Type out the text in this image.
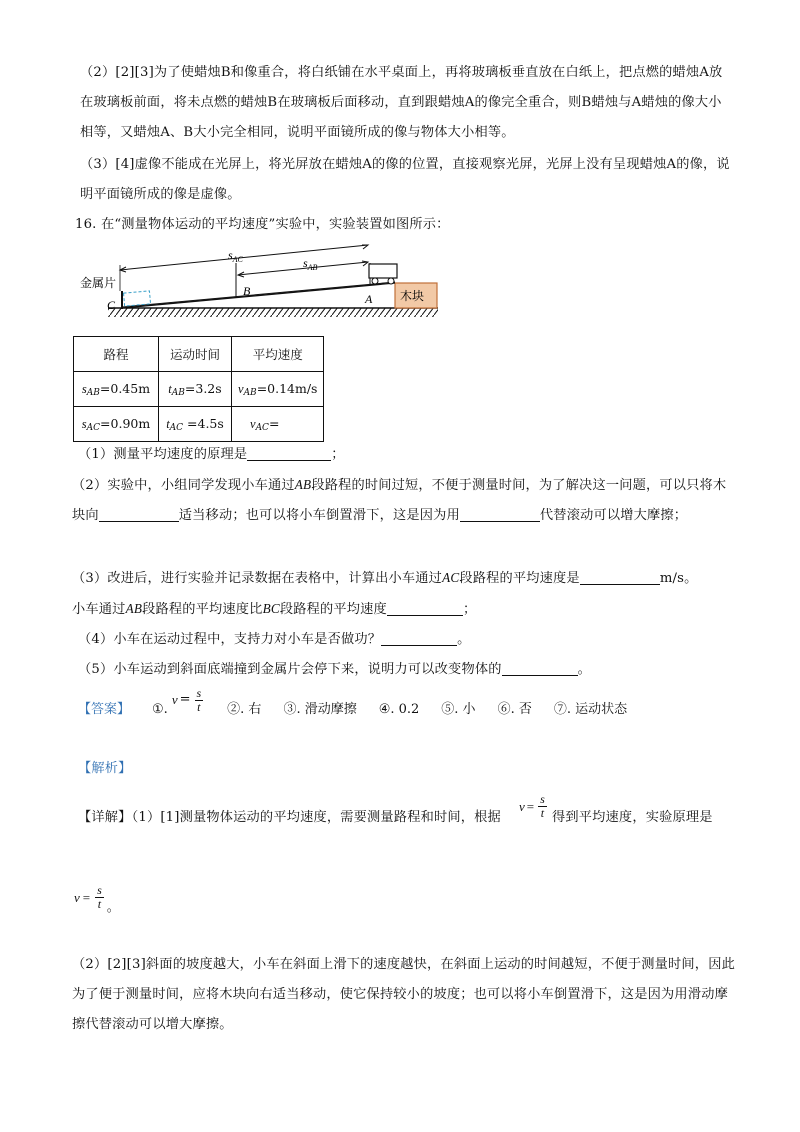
（2）[2][3]为了使蜡烛B和像重合，将白纸铺在水平桌面上，再将玻璃板垂直放在白纸上，把点燃的蜡烛A放在玻璃板前面，将未点燃的蜡烛B在玻璃板后面移动，直到跟蜡烛A的像完全重合，则B蜡烛与A蜡烛的像大小相等，又蜡烛A、B大小完全相同，说明平面镜所成的像与物体大小相等。
（3）[4]虚像不能成在光屏上，将光屏放在蜡烛A的像的位置，直接观察光屏，光屏上没有呈现蜡烛A的像，说明平面镜所成的像是虚像。
16. 在“测量物体运动的平均速度”实验中，实验装置如图所示：
木块
金属片
C
B
A
$s_{AC}$	$s_{AB}$
路程	运动时间	平均速度
$s_{AB}=0.45m$	$t_{AB}=3.2s$	$v_{AB}=0.14m/s$
$s_{AC}=0.90m$	$t_{AC} =4.5s$	$v_{AC}=$
（1）测量平均速度的原理是	；
（2）实验中，小组同学发现小车通过AB段路程的时间过短，不便于测量时间，为了解决这一问题，可以只将木块向	适当移动；也可以将小车倒置滑下，这是因为用	代替滚动可以增大摩擦；
（3）改进后，进行实验并记录数据在表格中，计算出小车通过AC段路程的平均速度是	m/s。
小车通过AB段路程的平均速度比BC段路程的平均速度	；
（4）小车在运动过程中，支持力对小车是否做功？	。
（5）小车运动到斜面底端撞到金属片会停下来，说明力可以改变物体的	。
【答案】 ①.
$v = \frac{s}{t}$ ②. 右 ③. 滑动摩擦 ④. 0.2 ⑤. 小 ⑥. 否 ⑦. 运动状态
【解析】
【详解】（1）[1]测量物体运动的平均速度，需要测量路程和时间，根据
$v = \frac{s}{t}$ 得到平均速度，实验原理是
$v = \frac{s}{t}$ 。
（2）[2][3]斜面的坡度越大，小车在斜面上滑下的速度越快，在斜面上运动的时间越短，不便于测量时间，因此为了便于测量时间，应将木块向右适当移动，使它保持较小的坡度；也可以将小车倒置滑下，这是因为用滑动摩擦代替滚动可以增大摩擦。
